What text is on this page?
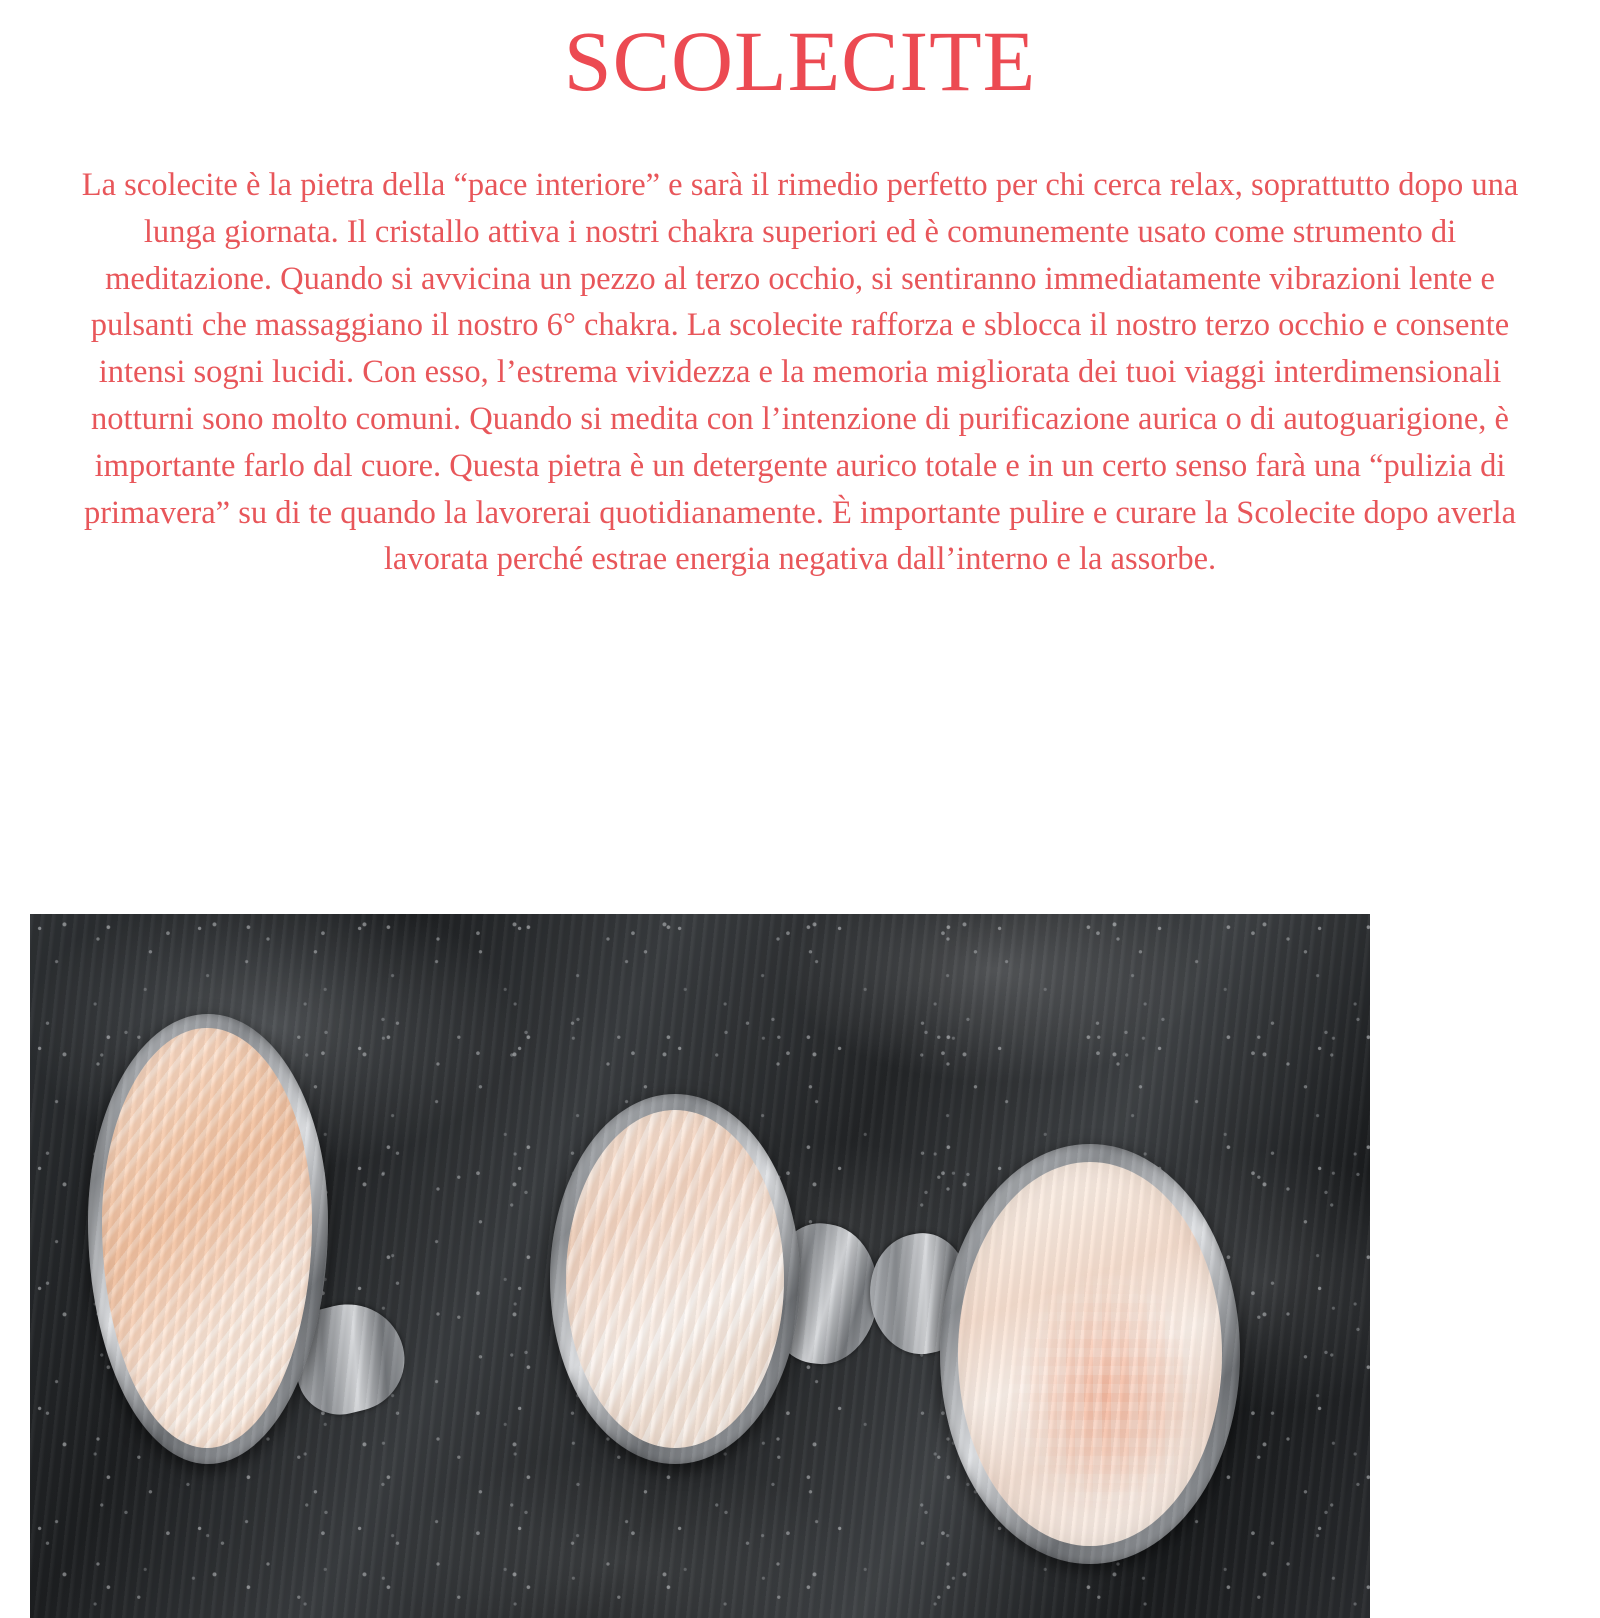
SCOLECITE

La scolecite è la pietra della “pace interiore” e sarà il rimedio perfetto per chi cerca relax, soprattutto dopo una lunga giornata. Il cristallo attiva i nostri chakra superiori ed è comunemente usato come strumento di meditazione. Quando si avvicina un pezzo al terzo occhio, si sentiranno immediatamente vibrazioni lente e pulsanti che massaggiano il nostro 6° chakra. La scolecite rafforza e sblocca il nostro terzo occhio e consente intensi sogni lucidi. Con esso, l’estrema vividezza e la memoria migliorata dei tuoi viaggi interdimensionali notturni sono molto comuni. Quando si medita con l’intenzione di purificazione aurica o di autoguarigione, è importante farlo dal cuore. Questa pietra è un detergente aurico totale e in un certo senso farà una “pulizia di primavera” su di te quando la lavorerai quotidianamente. È importante pulire e curare la Scolecite dopo averla lavorata perché estrae energia negativa dall’interno e la assorbe.
